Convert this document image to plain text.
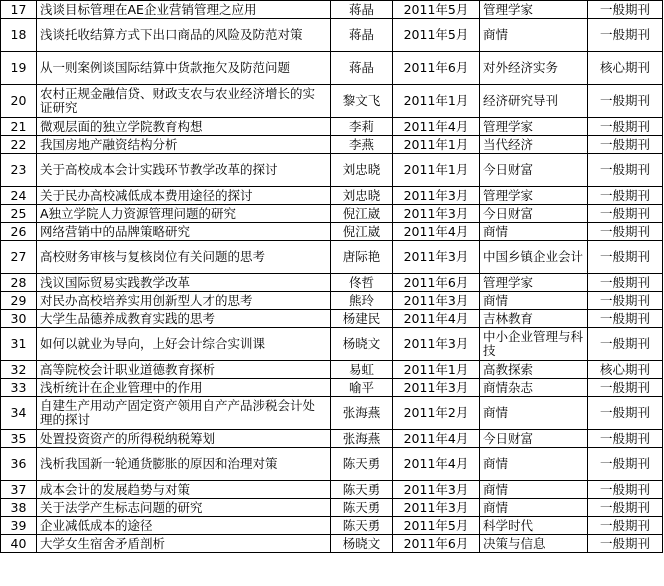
17	浅谈目标管理在AE企业营销管理之应用	蒋晶	2011年5月	管理学家	一般期刊
18	浅谈托收结算方式下出口商品的风险及防范对策	蒋晶	2011年5月	商情	一般期刊
19	从一则案例谈国际结算中货款拖欠及防范问题	蒋晶	2011年6月	对外经济实务	核心期刊
20	农村正规金融信贷、财政支农与农业经济增长的实证研究	黎文飞	2011年1月	经济研究导刊	一般期刊
21	微观层面的独立学院教育构想	李莉	2011年4月	管理学家	一般期刊
22	我国房地产融资结构分析	李燕	2011年1月	当代经济	一般期刊
23	关于高校成本会计实践环节教学改革的探讨	刘忠晓	2011年1月	今日财富	一般期刊
24	关于民办高校减低成本费用途径的探讨	刘忠晓	2011年3月	管理学家	一般期刊
25	A独立学院人力资源管理问题的研究	倪江崴	2011年3月	今日财富	一般期刊
26	网络营销中的品牌策略研究	倪江崴	2011年4月	商情	一般期刊
27	高校财务审核与复核岗位有关问题的思考	唐际艳	2011年3月	中国乡镇企业会计	一般期刊
28	浅议国际贸易实践教学改革	佟哲	2011年6月	管理学家	一般期刊
29	对民办高校培养实用创新型人才的思考	熊玲	2011年3月	商情	一般期刊
30	大学生品德养成教育实践的思考	杨建民	2011年4月	吉林教育	一般期刊
31	如何以就业为导向，上好会计综合实训课	杨晓文	2011年3月	中小企业管理与科技	一般期刊
32	高等院校会计职业道德教育探析	易虹	2011年1月	高教探索	核心期刊
33	浅析统计在企业管理中的作用	喻平	2011年3月	商情杂志	一般期刊
34	自建生产用动产固定资产领用自产产品涉税会计处理的探讨	张海燕	2011年2月	商情	一般期刊
35	处置投资资产的所得税纳税筹划	张海燕	2011年4月	今日财富	一般期刊
36	浅析我国新一轮通货膨胀的原因和治理对策	陈天勇	2011年4月	商情	一般期刊
37	成本会计的发展趋势与对策	陈天勇	2011年3月	商情	一般期刊
38	关于法学产生标志问题的研究	陈天勇	2011年3月	商情	一般期刊
39	企业减低成本的途径	陈天勇	2011年5月	科学时代	一般期刊
40	大学女生宿舍矛盾剖析	杨晓文	2011年6月	决策与信息	一般期刊
